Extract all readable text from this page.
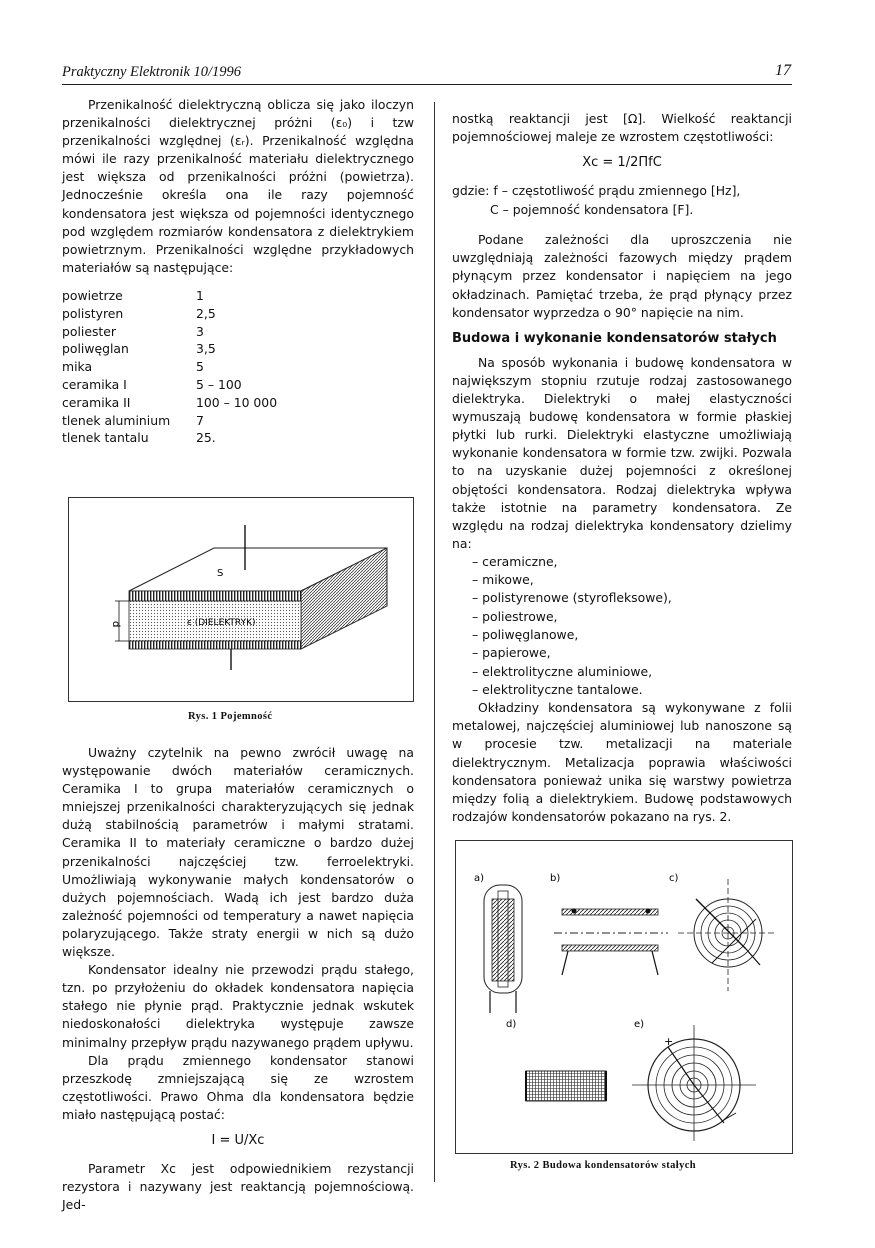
Praktyczny Elektronik 10/1996	17

Przenikalność dielektryczną oblicza się jako iloczyn przenikalności dielektrycznej próżni (ε₀) i tzw przenikalności względnej (εᵣ). Przenikalność względna mówi ile razy przenikalność materiału dielektrycznego jest większa od przenikalności próżni (powietrza). Jednocześnie określa ona ile razy pojemność kondensatora jest większa od pojemności identycznego pod względem rozmiarów kondensatora z dielektrykiem powietrznym. Przenikalności względne przykładowych materiałów są następujące:

powietrze	1
polistyren	2,5
poliester	3
poliwęglan	3,5
mika	5
ceramika I	5 – 100
ceramika II	100 – 10 000
tlenek aluminium	7
tlenek tantalu	25.
S
d	ε (DIELEKTRYK)
Rys. 1 Pojemność

Uważny czytelnik na pewno zwrócił uwagę na występowanie dwóch materiałów ceramicznych. Ceramika I to grupa materiałów ceramicznych o mniejszej przenikalności charakteryzujących się jednak dużą stabilnością parametrów i małymi stratami. Ceramika II to materiały ceramiczne o bardzo dużej przenikalności najczęściej tzw. ferroelektryki. Umożliwiają wykonywanie małych kondensatorów o dużych pojemnościach. Wadą ich jest bardzo duża zależność pojemności od temperatury a nawet napięcia polaryzującego. Także straty energii w nich są dużo większe.

Kondensator idealny nie przewodzi prądu stałego, tzn. po przyłożeniu do okładek kondensatora napięcia stałego nie płynie prąd. Praktycznie jednak wskutek niedoskonałości dielektryka występuje zawsze minimalny przepływ prądu nazywanego prądem upływu.

Dla prądu zmiennego kondensator stanowi przeszkodę zmniejszającą się ze wzrostem częstotliwości. Prawo Ohma dla kondensatora będzie miało następującą postać:

I = U/Xc

Parametr Xc jest odpowiednikiem rezystancji rezystora i nazywany jest reaktancją pojemnościową. Jed-

nostką reaktancji jest [Ω]. Wielkość reaktancji pojemnościowej maleje ze wzrostem częstotliwości:

Xc = 1/2ΠfC
gdzie: f – częstotliwość prądu zmiennego [Hz],
C – pojemność kondensatora [F].

Podane zależności dla uproszczenia nie uwzględniają zależności fazowych między prądem płynącym przez kondensator i napięciem na jego okładzinach. Pamiętać trzeba, że prąd płynący przez kondensator wyprzedza o 90° napięcie na nim.

Budowa i wykonanie kondensatorów stałych

Na sposób wykonania i budowę kondensatora w największym stopniu rzutuje rodzaj zastosowanego dielektryka. Dielektryki o małej elastyczności wymuszają budowę kondensatora w formie płaskiej płytki lub rurki. Dielektryki elastyczne umożliwiają wykonanie kondensatora w formie tzw. zwijki. Pozwala to na uzyskanie dużej pojemności z określonej objętości kondensatora. Rodzaj dielektryka wpływa także istotnie na parametry kondensatora. Ze względu na rodzaj dielektryka kondensatory dzielimy na:

– ceramiczne,
– mikowe,
– polistyrenowe (styrofleksowe),
– poliestrowe,
– poliwęglanowe,
– papierowe,
– elektrolityczne aluminiowe,
– elektrolityczne tantalowe.

Okładziny kondensatora są wykonywane z folii metalowej, najczęściej aluminiowej lub nanoszone są w procesie tzw. metalizacji na materiale dielektrycznym. Metalizacja poprawia właściwości kondensatora ponieważ unika się warstwy powietrza między folią a dielektrykiem. Budowę podstawowych rodzajów kondensatorów pokazano na rys. 2.

a)	b)	c)
d)	e)
+
Rys. 2 Budowa kondensatorów stałych
